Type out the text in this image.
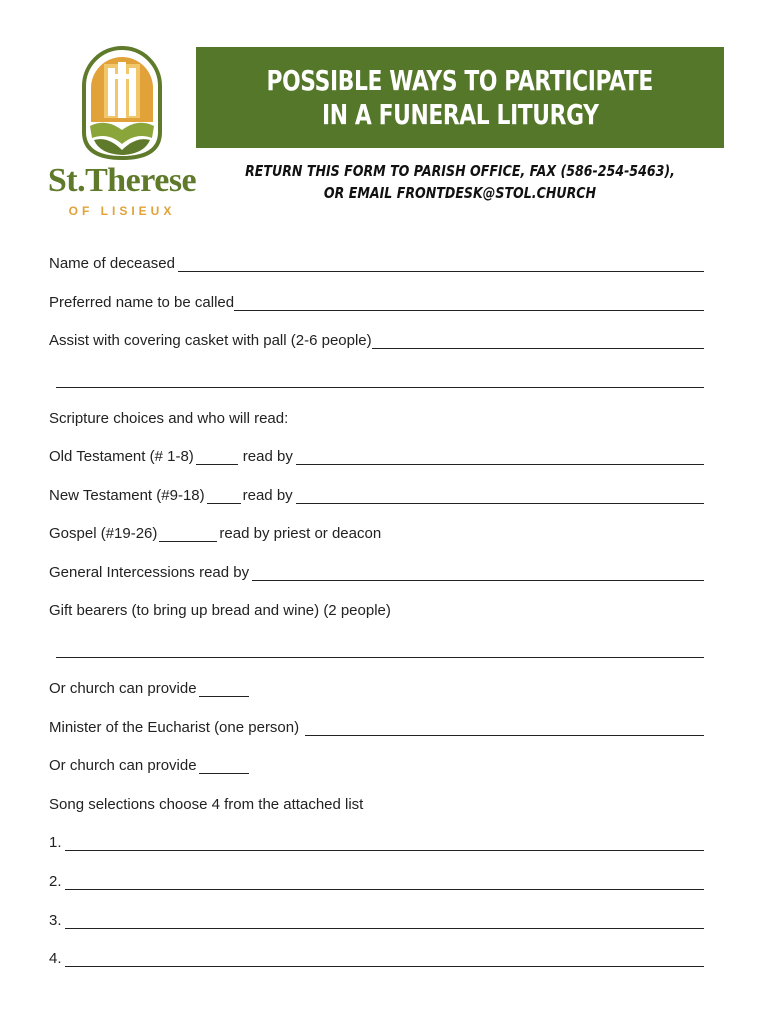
St.Therese
OF LISIEUX
POSSIBLE WAYS TO PARTICIPATE
IN A FUNERAL LITURGY
RETURN THIS FORM TO PARISH OFFICE, FAX (586-254-5463),
OR EMAIL FRONTDESK@STOL.CHURCH
Name of deceased
Preferred name to be called
Assist with covering casket with pall (2-6 people)
Scripture choices and who will read:
Old Testament (# 1-8)	read by
New Testament (#9-18)	read by
Gospel (#19-26)	read by priest or deacon
General Intercessions read by
Gift bearers (to bring up bread and wine) (2 people)
Or church can provide
Minister of the Eucharist (one person)
Or church can provide
Song selections choose 4 from the attached list
1.
2.
3.
4.
